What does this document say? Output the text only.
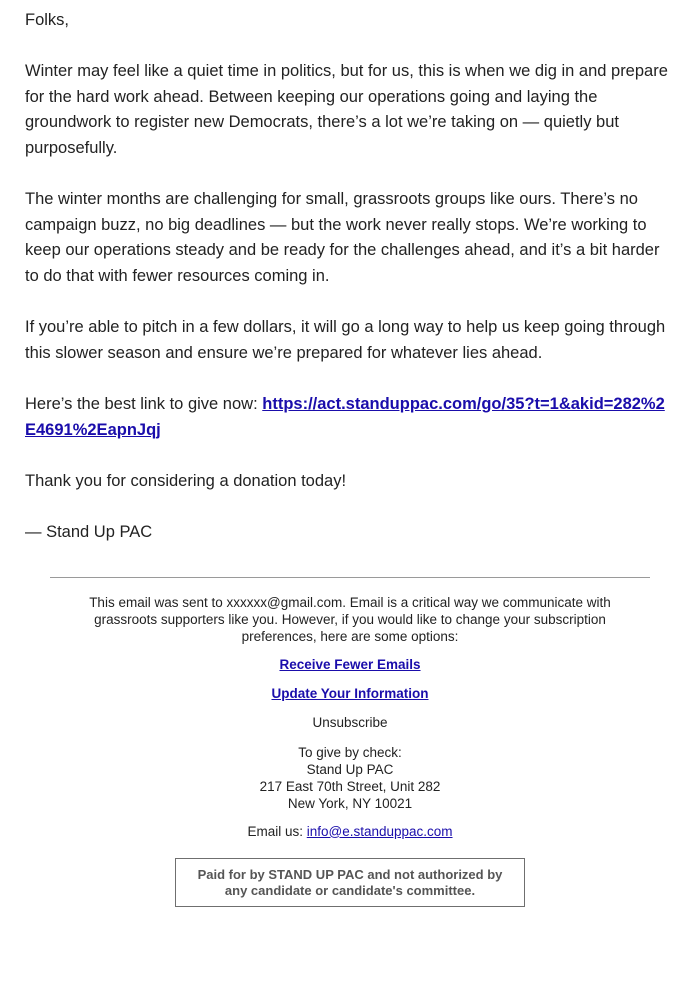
Folks,

Winter may feel like a quiet time in politics, but for us, this is when we dig in and prepare for the hard work ahead. Between keeping our operations going and laying the groundwork to register new Democrats, there’s a lot we’re taking on — quietly but purposefully.

The winter months are challenging for small, grassroots groups like ours. There’s no campaign buzz, no big deadlines — but the work never really stops. We’re working to keep our operations steady and be ready for the challenges ahead, and it’s a bit harder to do that with fewer resources coming in.

If you’re able to pitch in a few dollars, it will go a long way to help us keep going through this slower season and ensure we’re prepared for whatever lies ahead.

Here’s the best link to give now: https://act.standuppac.com/go/35?t=1&akid=282%2E4691%2EapnJqj

Thank you for considering a donation today!

— Stand Up PAC

This email was sent to xxxxxx@gmail.com. Email is a critical way we communicate with grassroots supporters like you. However, if you would like to change your subscription preferences, here are some options:
Receive Fewer Emails
Update Your Information
Unsubscribe
To give by check:
Stand Up PAC
217 East 70th Street, Unit 282
New York, NY 10021
Email us: info@e.standuppac.com
Paid for by STAND UP PAC and not authorized by any candidate or candidate's committee.
